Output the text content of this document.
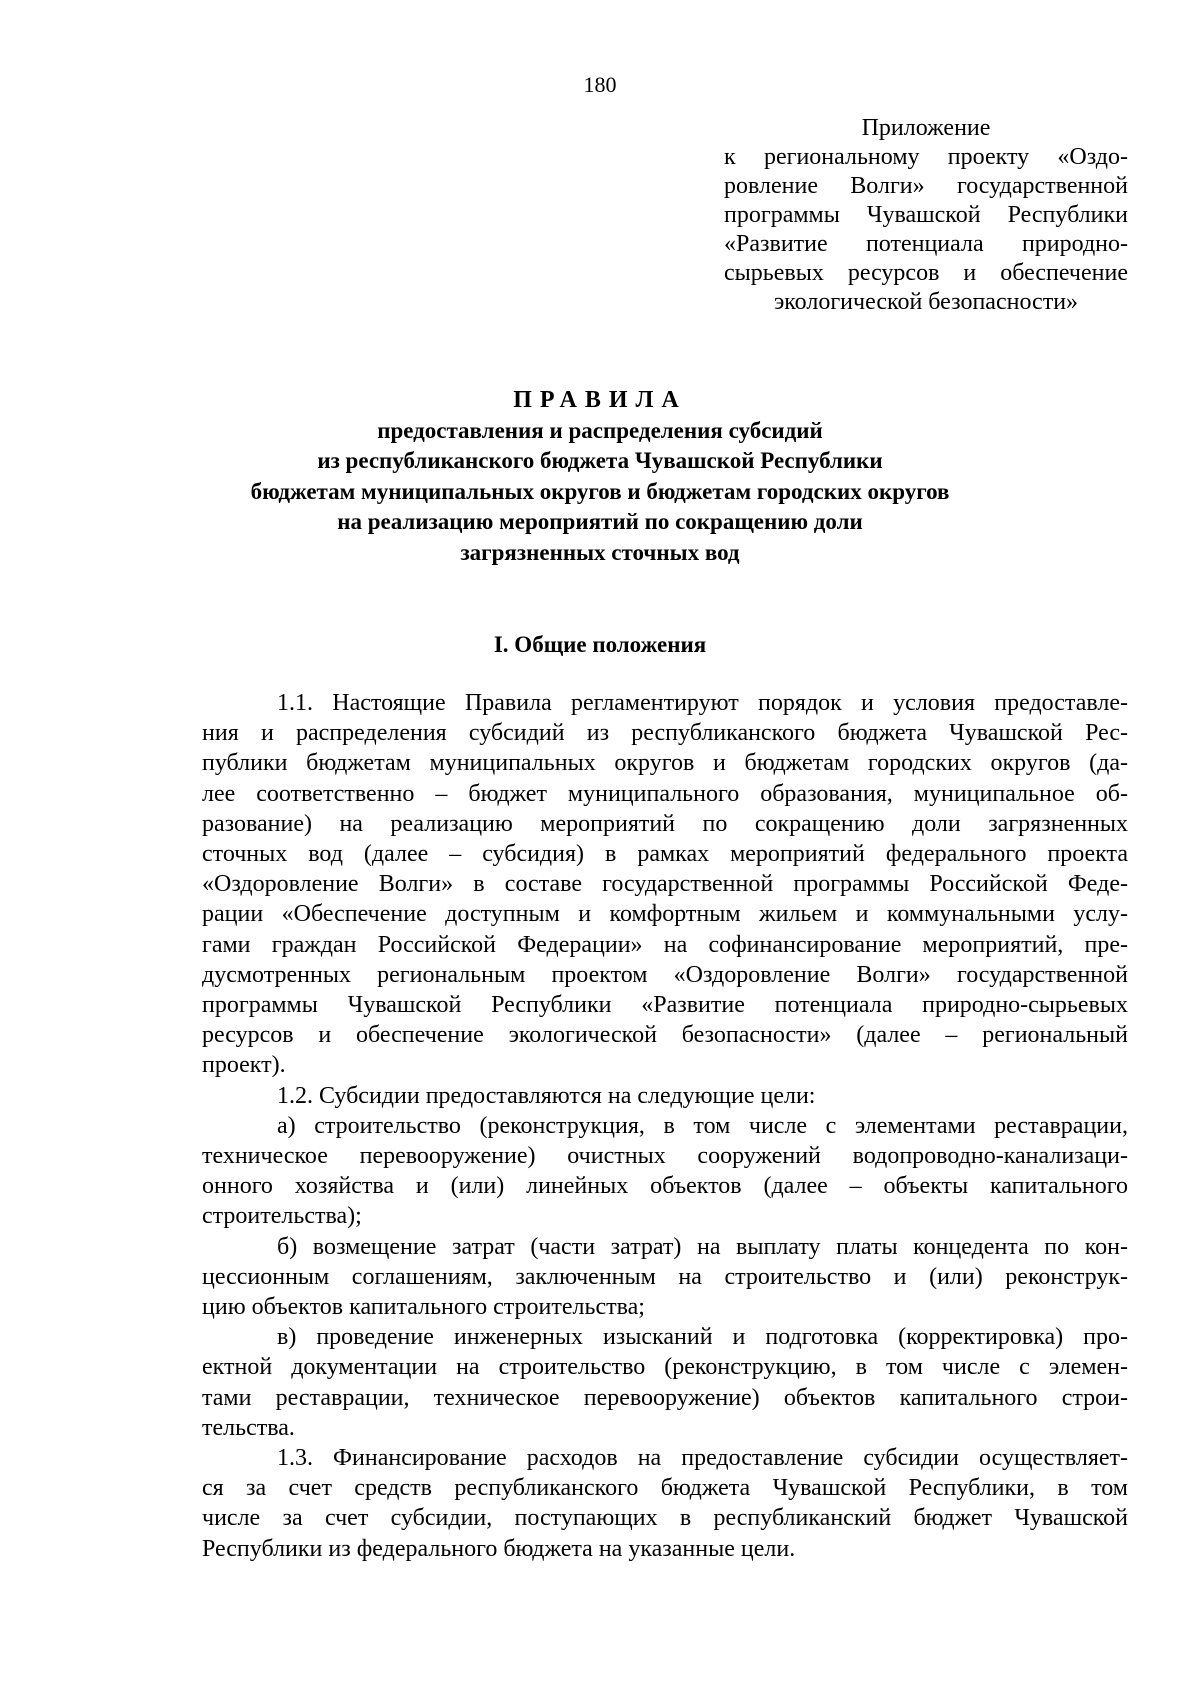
180
Приложение
к региональному проекту «Оздо-
ровление Волги» государственной
программы Чувашской Республики
«Развитие потенциала природно-
сырьевых ресурсов и обеспечение
экологической безопасности»
ПРАВИЛА
предоставления и распределения субсидий
из республиканского бюджета Чувашской Республики
бюджетам муниципальных округов и бюджетам городских округов
на реализацию мероприятий по сокращению доли
загрязненных сточных вод
I. Общие положения
1.1. Настоящие Правила регламентируют порядок и условия предоставле-
ния и распределения субсидий из республиканского бюджета Чувашской Рес-
публики бюджетам муниципальных округов и бюджетам городских округов (да-
лее соответственно – бюджет муниципального образования, муниципальное об-
разование) на реализацию мероприятий по сокращению доли загрязненных
сточных вод (далее – субсидия) в рамках мероприятий федерального проекта
«Оздоровление Волги» в составе государственной программы Российской Феде-
рации «Обеспечение доступным и комфортным жильем и коммунальными услу-
гами граждан Российской Федерации» на софинансирование мероприятий, пре-
дусмотренных региональным проектом «Оздоровление Волги» государственной
программы Чувашской Республики «Развитие потенциала природно-сырьевых
ресурсов и обеспечение экологической безопасности» (далее – региональный
проект).
1.2. Субсидии предоставляются на следующие цели:
а) строительство (реконструкция, в том числе с элементами реставрации,
техническое перевооружение) очистных сооружений водопроводно-канализаци-
онного хозяйства и (или) линейных объектов (далее – объекты капитального
строительства);
б) возмещение затрат (части затрат) на выплату платы концедента по кон-
цессионным соглашениям, заключенным на строительство и (или) реконструк-
цию объектов капитального строительства;
в) проведение инженерных изысканий и подготовка (корректировка) про-
ектной документации на строительство (реконструкцию, в том числе с элемен-
тами реставрации, техническое перевооружение) объектов капитального строи-
тельства.
1.3. Финансирование расходов на предоставление субсидии осуществляет-
ся за счет средств республиканского бюджета Чувашской Республики, в том
числе за счет субсидии, поступающих в республиканский бюджет Чувашской
Республики из федерального бюджета на указанные цели.
